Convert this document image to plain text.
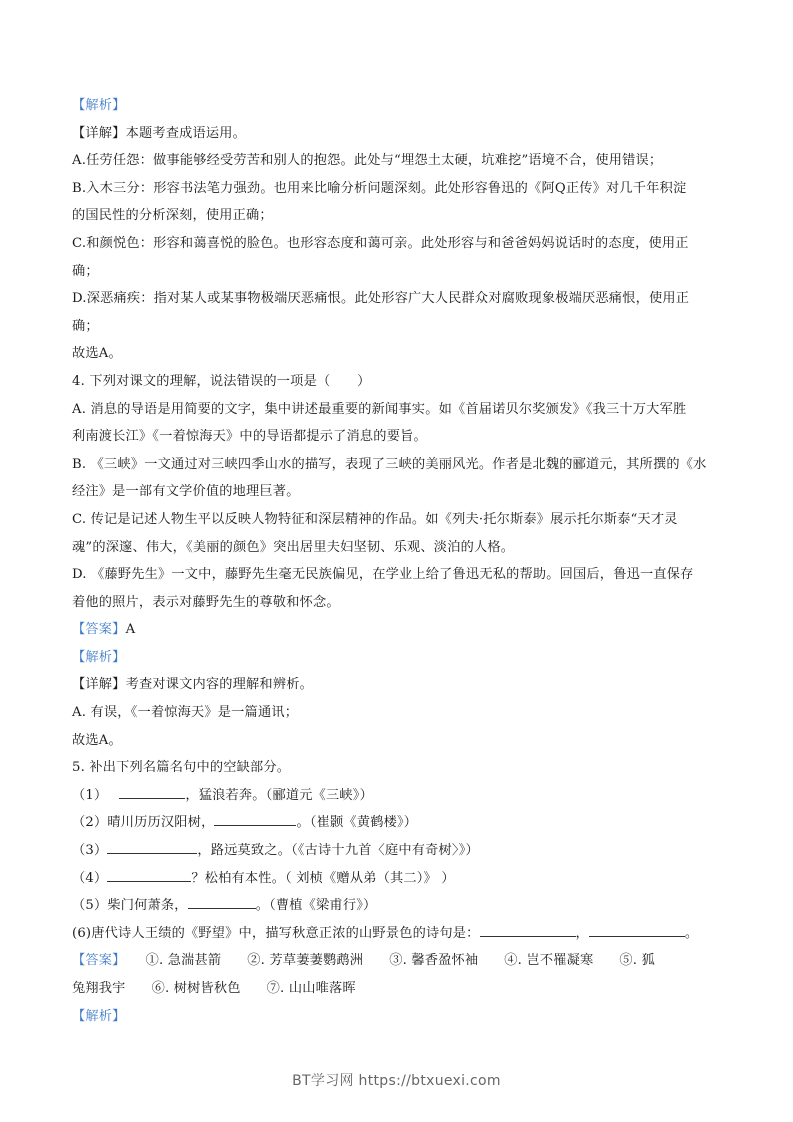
【解析】
【详解】本题考查成语运用。
A.任劳任怨：做事能够经受劳苦和别人的抱怨。此处与“埋怨土太硬，坑难挖”语境不合，使用错误；
B.入木三分：形容书法笔力强劲。也用来比喻分析问题深刻。此处形容鲁迅的《阿Q正传》对几千年积淀
的国民性的分析深刻，使用正确；
C.和颜悦色：形容和蔼喜悦的脸色。也形容态度和蔼可亲。此处形容与和爸爸妈妈说话时的态度，使用正
确；
D.深恶痛疾：指对某人或某事物极端厌恶痛恨。此处形容广大人民群众对腐败现象极端厌恶痛恨，使用正
确；
故选A。
4. 下列对课文的理解，说法错误的一项是（　　）
A. 消息的导语是用简要的文字，集中讲述最重要的新闻事实。如《首届诺贝尔奖颁发》《我三十万大军胜
利南渡长江》《一着惊海天》中的导语都提示了消息的要旨。
B. 《三峡》一文通过对三峡四季山水的描写，表现了三峡的美丽风光。作者是北魏的郦道元，其所撰的《水
经注》是一部有文学价值的地理巨著。
C. 传记是记述人物生平以反映人物特征和深层精神的作品。如《列夫·托尔斯泰》展示托尔斯泰“天才灵
魂”的深邃、伟大，《美丽的颜色》突出居里夫妇坚韧、乐观、淡泊的人格。
D. 《藤野先生》一文中，藤野先生毫无民族偏见，在学业上给了鲁迅无私的帮助。回国后，鲁迅一直保存
着他的照片，表示对藤野先生的尊敬和怀念。
【答案】A
【解析】
【详解】考查对课文内容的理解和辨析。
A. 有误，《一着惊海天》是一篇通讯；
故选A。
5. 补出下列名篇名句中的空缺部分。
（1）	，猛浪若奔。（郦道元《三峡》）
（2）晴川历历汉阳树，	。（崔颢《黄鹤楼》）
（3）	，路远莫致之。（《古诗十九首〈庭中有奇树〉》）
（4）	？松柏有本性。（ 刘桢《赠从弟（其二）》 ）
（5）柴门何萧条，	。（曹植《梁甫行》）
(6)唐代诗人王绩的《野望》中，描写秋意正浓的山野景色的诗句是：	，	。
【答案】 ①. 急湍甚箭 ②. 芳草萋萋鹦鹉洲 ③. 馨香盈怀袖 ④. 岂不罹凝寒 ⑤. 狐
兔翔我宇 ⑥. 树树皆秋色 ⑦. 山山唯落晖
【解析】
BT学习网 https://btxuexi.com
